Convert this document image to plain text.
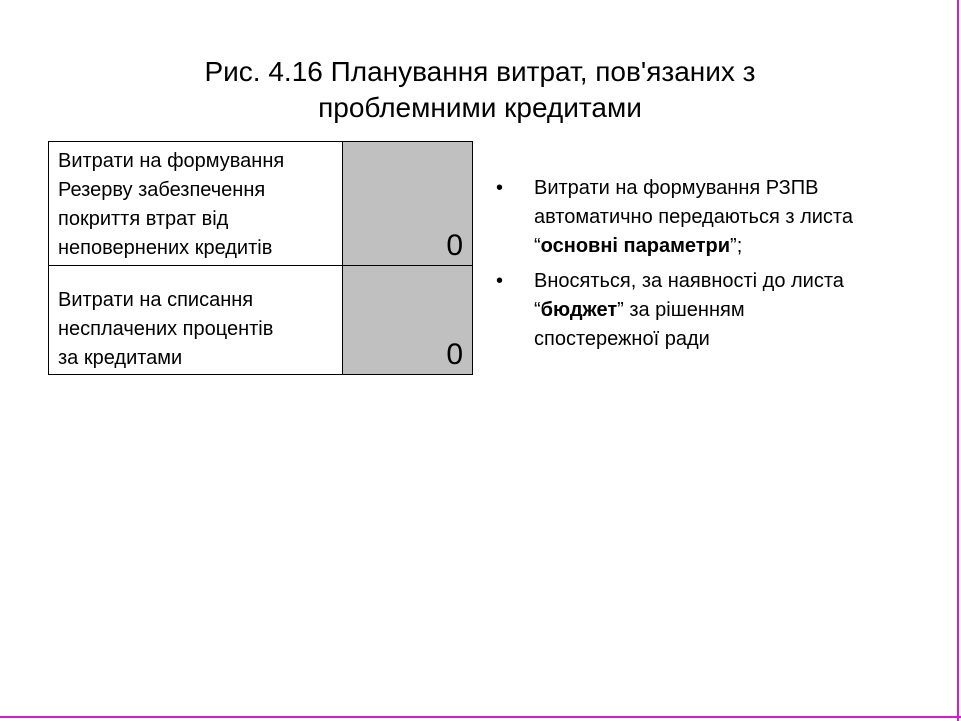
Рис. 4.16 Планування витрат, пов'язаних з
проблемними кредитами
Витрати на формування
Резерву забезпечення
покриття втрат від
неповернених кредитів	0

Витрати на списання
несплачених процентів
за кредитами	0
•	Витрати на формування РЗПВ
автоматично передаються з листа
“основні параметри”;
•	Вносяться, за наявності до листа
“бюджет” за рішенням
спостережної ради
